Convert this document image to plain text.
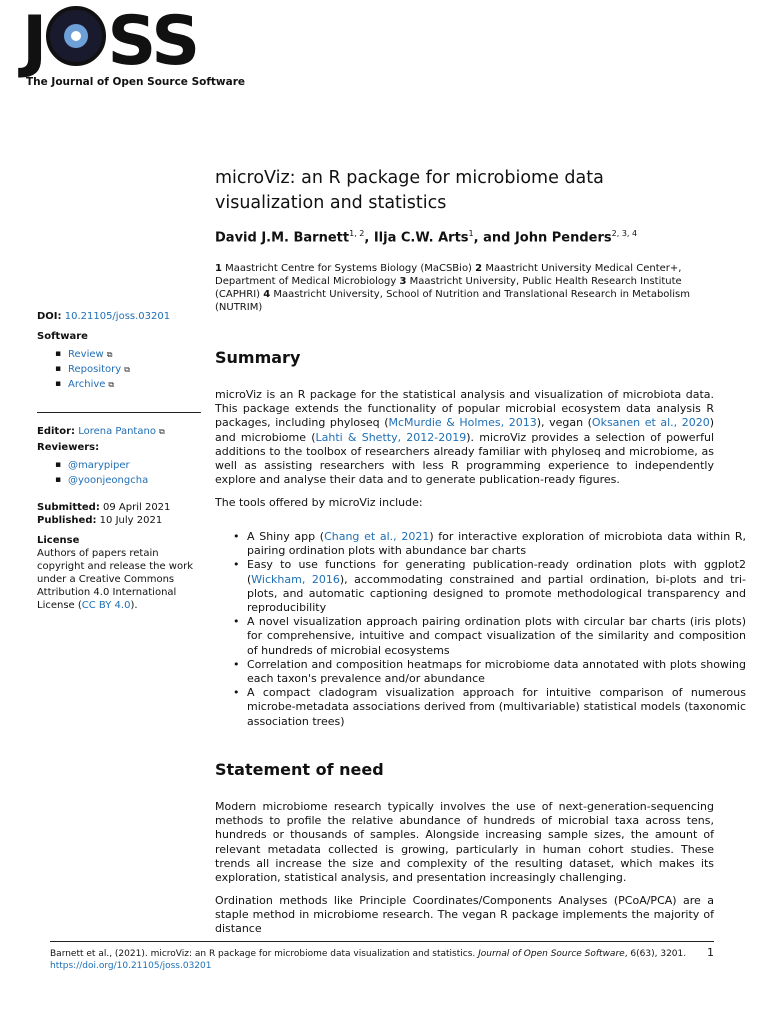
J SS
The Journal of Open Source Software
DOI: 10.21105/joss.03201
Software
▪ Review ⧉
▪ Repository ⧉
▪ Archive ⧉
Editor: Lorena Pantano ⧉
Reviewers:
▪ @marypiper
▪ @yoonjeongcha
Submitted: 09 April 2021
Published: 10 July 2021
License
Authors of papers retain copyright and release the work under a Creative Commons Attribution 4.0 International License (CC BY 4.0).
microViz: an R package for microbiome data
visualization and statistics
David J.M. Barnett$^{1, 2}$, Ilja C.W. Arts$^1$, and John Penders$^{2, 3, 4}$
1 Maastricht Centre for Systems Biology (MaCSBio) 2 Maastricht University Medical Center+, Department of Medical Microbiology 3 Maastricht University, Public Health Research Institute (CAPHRI) 4 Maastricht University, School of Nutrition and Translational Research in Metabolism (NUTRIM)
Summary

microViz is an R package for the statistical analysis and visualization of microbiota data. This package extends the functionality of popular microbial ecosystem data analysis R packages, including phyloseq (McMurdie & Holmes, 2013), vegan (Oksanen et al., 2020) and microbiome (Lahti & Shetty, 2012-2019). microViz provides a selection of powerful additions to the toolbox of researchers already familiar with phyloseq and microbiome, as well as assisting researchers with less R programming experience to independently explore and analyse their data and to generate publication-ready figures.

The tools offered by microViz include:

• A Shiny app (Chang et al., 2021) for interactive exploration of microbiota data within R, pairing ordination plots with abundance bar charts
• Easy to use functions for generating publication-ready ordination plots with ggplot2 (Wickham, 2016), accommodating constrained and partial ordination, bi-plots and tri-plots, and automatic captioning designed to promote methodological transparency and reproducibility
• A novel visualization approach pairing ordination plots with circular bar charts (iris plots) for comprehensive, intuitive and compact visualization of the similarity and composition of hundreds of microbial ecosystems
• Correlation and composition heatmaps for microbiome data annotated with plots showing each taxon's prevalence and/or abundance
• A compact cladogram visualization approach for intuitive comparison of numerous microbe-metadata associations derived from (multivariable) statistical models (taxonomic association trees)
Statement of need

Modern microbiome research typically involves the use of next-generation-sequencing methods to profile the relative abundance of hundreds of microbial taxa across tens, hundreds or thousands of samples. Alongside increasing sample sizes, the amount of relevant metadata collected is growing, particularly in human cohort studies. These trends all increase the size and complexity of the resulting dataset, which makes its exploration, statistical analysis, and presentation increasingly challenging.

Ordination methods like Principle Coordinates/Components Analyses (PCoA/PCA) are a staple method in microbiome research. The vegan R package implements the majority of distance

Barnett et al., (2021). microViz: an R package for microbiome data visualization and statistics. Journal of Open Source Software, 6(63), 3201.
https://doi.org/10.21105/joss.03201
1
